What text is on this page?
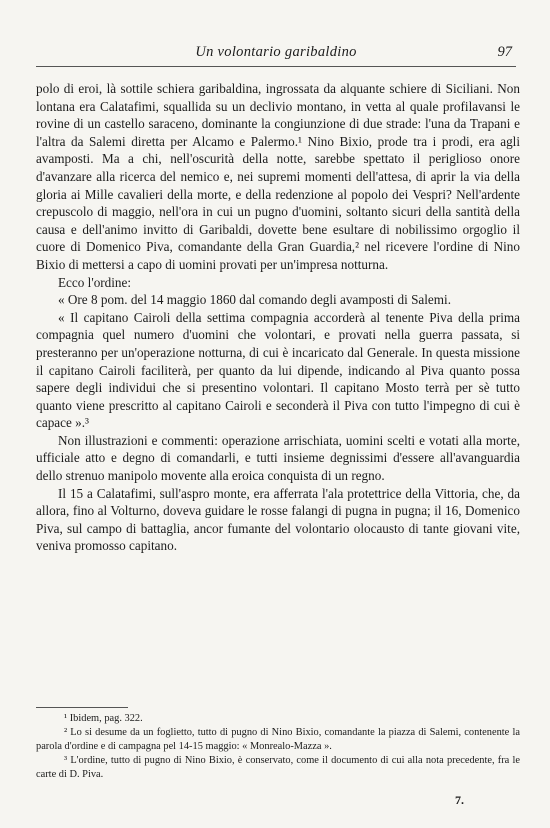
Un volontario garibaldino	97

polo di eroi, là sottile schiera garibaldina, ingrossata da alquante schiere di Siciliani. Non lontana era Calatafimi, squallida su un declivio montano, in vetta al quale profilavansi le rovine di un castello saraceno, dominante la congiunzione di due strade: l'una da Trapani e l'altra da Salemi diretta per Alcamo e Palermo.¹ Nino Bixio, prode tra i prodi, era agli avamposti. Ma a chi, nell'oscurità della notte, sarebbe spettato il periglioso onore d'avanzare alla ricerca del nemico e, nei supremi momenti dell'attesa, di aprir la via della gloria ai Mille cavalieri della morte, e della redenzione al popolo dei Vespri? Nell'ardente crepuscolo di maggio, nell'ora in cui un pugno d'uomini, soltanto sicuri della santità della causa e dell'animo invitto di Garibaldi, dovette bene esultare di nobilissimo orgoglio il cuore di Domenico Piva, comandante della Gran Guardia,² nel ricevere l'ordine di Nino Bixio di mettersi a capo di uomini provati per un'impresa notturna.

Ecco l'ordine:

« Ore 8 pom. del 14 maggio 1860 dal comando degli avamposti di Salemi.

« Il capitano Cairoli della settima compagnia accorderà al tenente Piva della prima compagnia quel numero d'uomini che volontari, e provati nella guerra passata, si presteranno per un'operazione notturna, di cui è incaricato dal Generale. In questa missione il capitano Cairoli faciliterà, per quanto da lui dipende, indicando al Piva quanto possa sapere degli individui che si presentino volontari. Il capitano Mosto terrà per sè tutto quanto viene prescritto al capitano Cairoli e seconderà il Piva con tutto l'impegno di cui è capace ».³

Non illustrazioni e commenti: operazione arrischiata, uomini scelti e votati alla morte, ufficiale atto e degno di comandarli, e tutti insieme degnissimi d'essere all'avanguardia dello strenuo manipolo movente alla eroica conquista di un regno.

Il 15 a Calatafimi, sull'aspro monte, era afferrata l'ala protettrice della Vittoria, che, da allora, fino al Volturno, doveva guidare le rosse falangi di pugna in pugna; il 16, Domenico Piva, sul campo di battaglia, ancor fumante del volontario olocausto di tante giovani vite, veniva promosso capitano.

¹ Ibidem, pag. 322.

² Lo si desume da un foglietto, tutto di pugno di Nino Bixio, comandante la piazza di Salemi, contenente la parola d'ordine e di campagna pel 14-15 maggio: « Monrealo-Mazza ».

³ L'ordine, tutto di pugno di Nino Bixio, è conservato, come il documento di cui alla nota precedente, fra le carte di D. Piva.

7.
